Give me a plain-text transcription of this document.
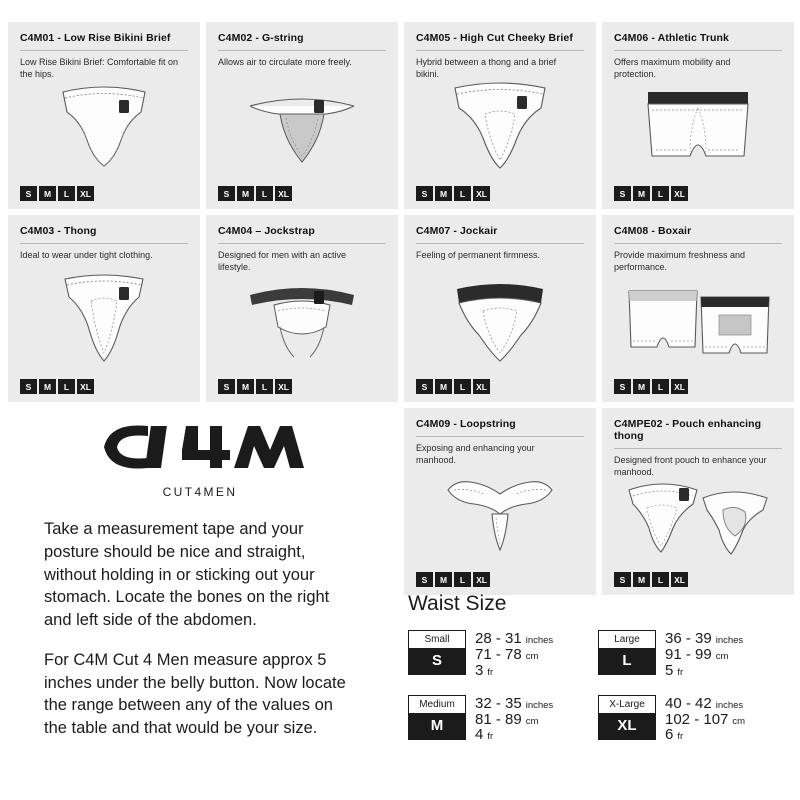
C4M01 - Low Rise Bikini Brief
Low Rise Bikini Brief: Comfortable fit on the hips.
S	M	L	XL
C4M02 - G-string
Allows air to circulate more freely.
S	M	L	XL
C4M05 - High Cut Cheeky Brief
Hybrid between a thong and a brief bikini.
S	M	L	XL
C4M06 - Athletic Trunk
Offers maximum mobility and protection.
S	M	L	XL
C4M03 - Thong
Ideal to wear under tight clothing.
S	M	L	XL
C4M04 – Jockstrap
Designed for men with an active lifestyle.
S	M	L	XL
C4M07 - Jockair
Feeling of permanent firmness.
S	M	L	XL
C4M08 - Boxair
Provide maximum freshness and performance.
S	M	L	XL
C4M09 - Loopstring
Exposing and enhancing your manhood.
S	M	L	XL
C4MPE02 - Pouch enhancing thong
Designed front pouch to enhance your manhood.
S	M	L	XL
CUT4MEN

Take a measurement tape and your posture should be nice and straight, without holding in or sticking out your stomach. Locate the bones on the right and left side of the abdomen.

For C4M Cut 4 Men measure approx 5 inches under the belly button. Now locate the range between any of the values on the table and that would be your size.

Waist Size
Small
S
28 - 31 inches
71 - 78 cm
3 fr
Large
L
36 - 39 inches
91 - 99 cm
5 fr
Medium
M
32 - 35 inches
81 - 89 cm
4 fr
X-Large
XL
40 - 42 inches
102 - 107 cm
6 fr
